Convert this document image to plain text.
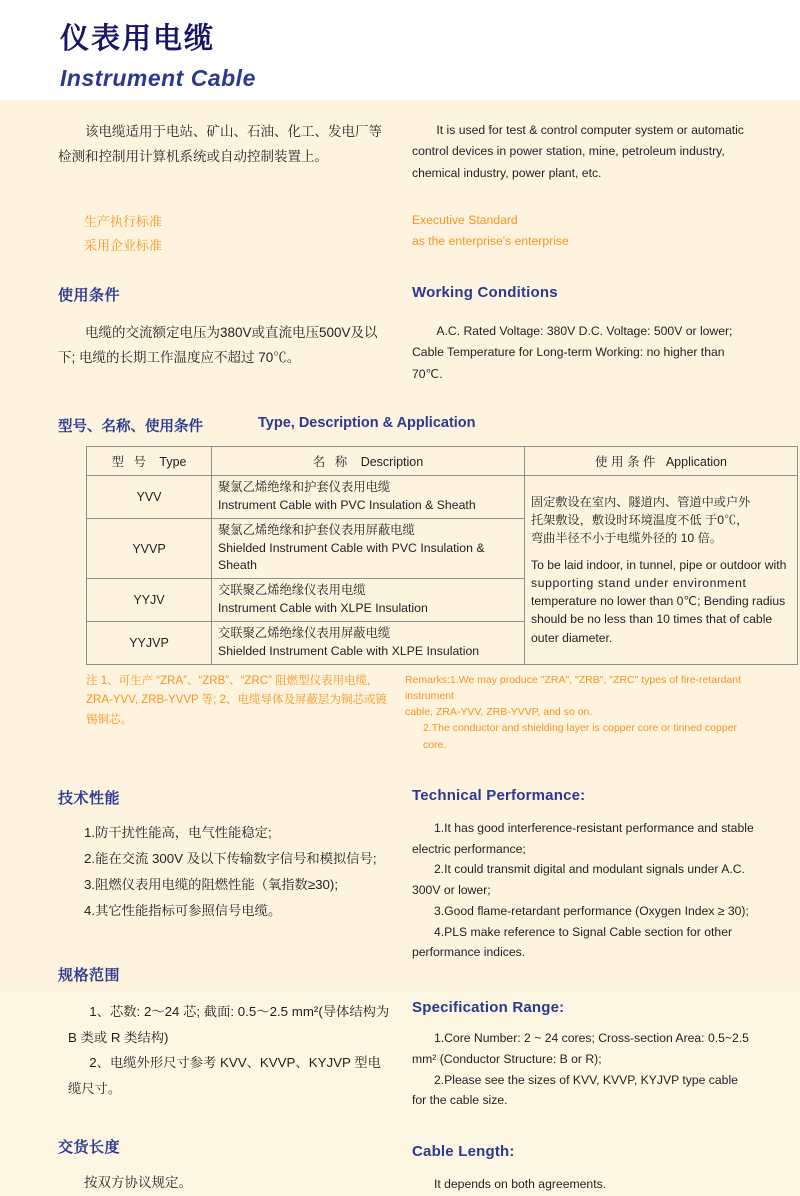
仪表用电缆
Instrument Cable

该电缆适用于电站、矿山、石油、化工、发电厂等检测和控制用计算机系统或自动控制装置上。

It is used for test & control computer system or automatic control devices in power station, mine, petroleum industry, chemical industry, power plant, etc.

生产执行标准
采用企业标准
Executive Standard
as the enterprise's enterprise
使用条件	Working Conditions

电缆的交流额定电压为380V或直流电压500V及以下; 电缆的长期工作温度应不超过 70℃。

A.C. Rated Voltage: 380V D.C. Voltage: 500V or lower; Cable Temperature for Long-term Working: no higher than 70℃.

型号、名称、使用条件	Type, Description & Application
型 号 Type	名 称 Description	使 用 条 件 Application
YVV	
聚氯乙烯绝缘和护套仪表用电缆
Instrument Cable with PVC Insulation & Sheath	固定敷设在室内、隧道内、管道中或户外
托架敷设，敷设时环境温度不低 于0℃，
弯曲半径不小于电缆外径的 10 倍。
To be laid indoor, in tunnel, pipe or outdoor with
supporting stand under environment
temperature no lower than 0℃; Bending radius
should be no less than 10 times that of cable
outer diameter.

YVVP	聚氯乙烯绝缘和护套仪表用屏蔽电缆
Shielded Instrument Cable with PVC Insulation & Sheath	

YYJV	交联聚乙烯绝缘仪表用电缆
Instrument Cable with XLPE Insulation	

YYJVP	交联聚乙烯绝缘仪表用屏蔽电缆
Shielded Instrument Cable with XLPE Insulation	
注 1、可生产 “ZRA”、“ZRB”、“ZRC” 阻燃型仪表用电缆, ZRA-YVV, ZRB-YVVP 等; 2、电缆导体及屏蔽层为铜芯或镀锡铜芯。
Remarks:1.We may produce "ZRA", "ZRB", "ZRC" types of fire-retardant instrument
cable, ZRA-YVV, ZRB-YVVP, and so on.
2.The conductor and shielding layer is copper core or tinned copper core.
技术性能
1.防干扰性能高，电气性能稳定;
2.能在交流 300V 及以下传输数字信号和模拟信号;
3.阻燃仪表用电缆的阻燃性能（氧指数≥30);
4.其它性能指标可参照信号电缆。
规格范围
1、芯数: 2～24 芯; 截面: 0.5～2.5 mm²(导体结构为 B 类或 R 类结构)
2、电缆外形尺寸参考 KVV、KVVP、KYJVP 型电缆尺寸。
交货长度
按双方协议规定。
Technical Performance:
1.It has good interference-resistant performance and stable electric performance;
2.It could transmit digital and modulant signals under A.C. 300V or lower;
3.Good flame-retardant performance (Oxygen Index ≥ 30);
4.PLS make reference to Signal Cable section for other performance indices.
Specification Range:
1.Core Number: 2 ~ 24 cores; Cross-section Area: 0.5~2.5 mm² (Conductor Structure: B or R);
2.Please see the sizes of KVV, KVVP, KYJVP type cable for the cable size.
Cable Length:
It depends on both agreements.
